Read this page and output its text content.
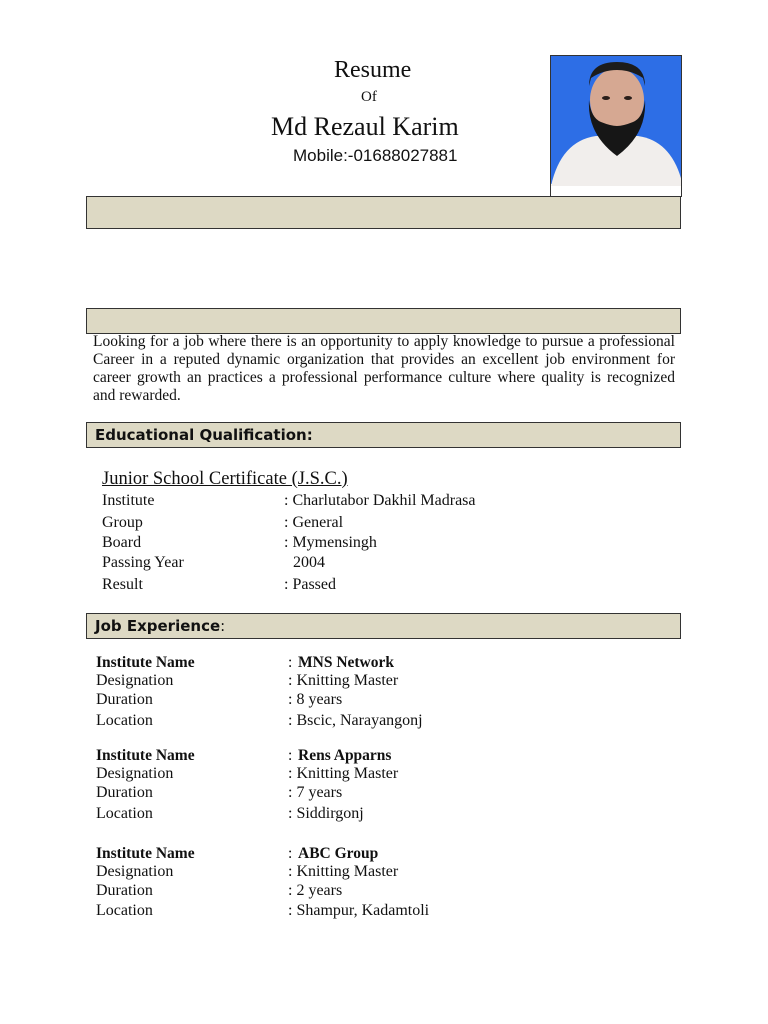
Resume
Of
Md Rezaul Karim
Mobile:-01688027881
Looking for a job where there is an opportunity to apply knowledge to pursue a professional Career in a reputed dynamic organization that provides an excellent job environment for career growth an practices a professional performance culture where quality is recognized and rewarded.
Educational Qualification:
Junior School Certificate (J.S.C.)
Institute	: Charlutabor Dakhil Madrasa
Group	: General
Board	: Mymensingh
Passing Year	2004
Result	: Passed
Job Experience:
Institute Name	: MNS Network
Designation	: Knitting Master
Duration	: 8 years
Location	: Bscic, Narayangonj
Institute Name	: Rens Apparns
Designation	: Knitting Master
Duration	: 7 years
Location	: Siddirgonj
Institute Name	: ABC Group
Designation	: Knitting Master
Duration	: 2 years
Location	: Shampur, Kadamtoli
